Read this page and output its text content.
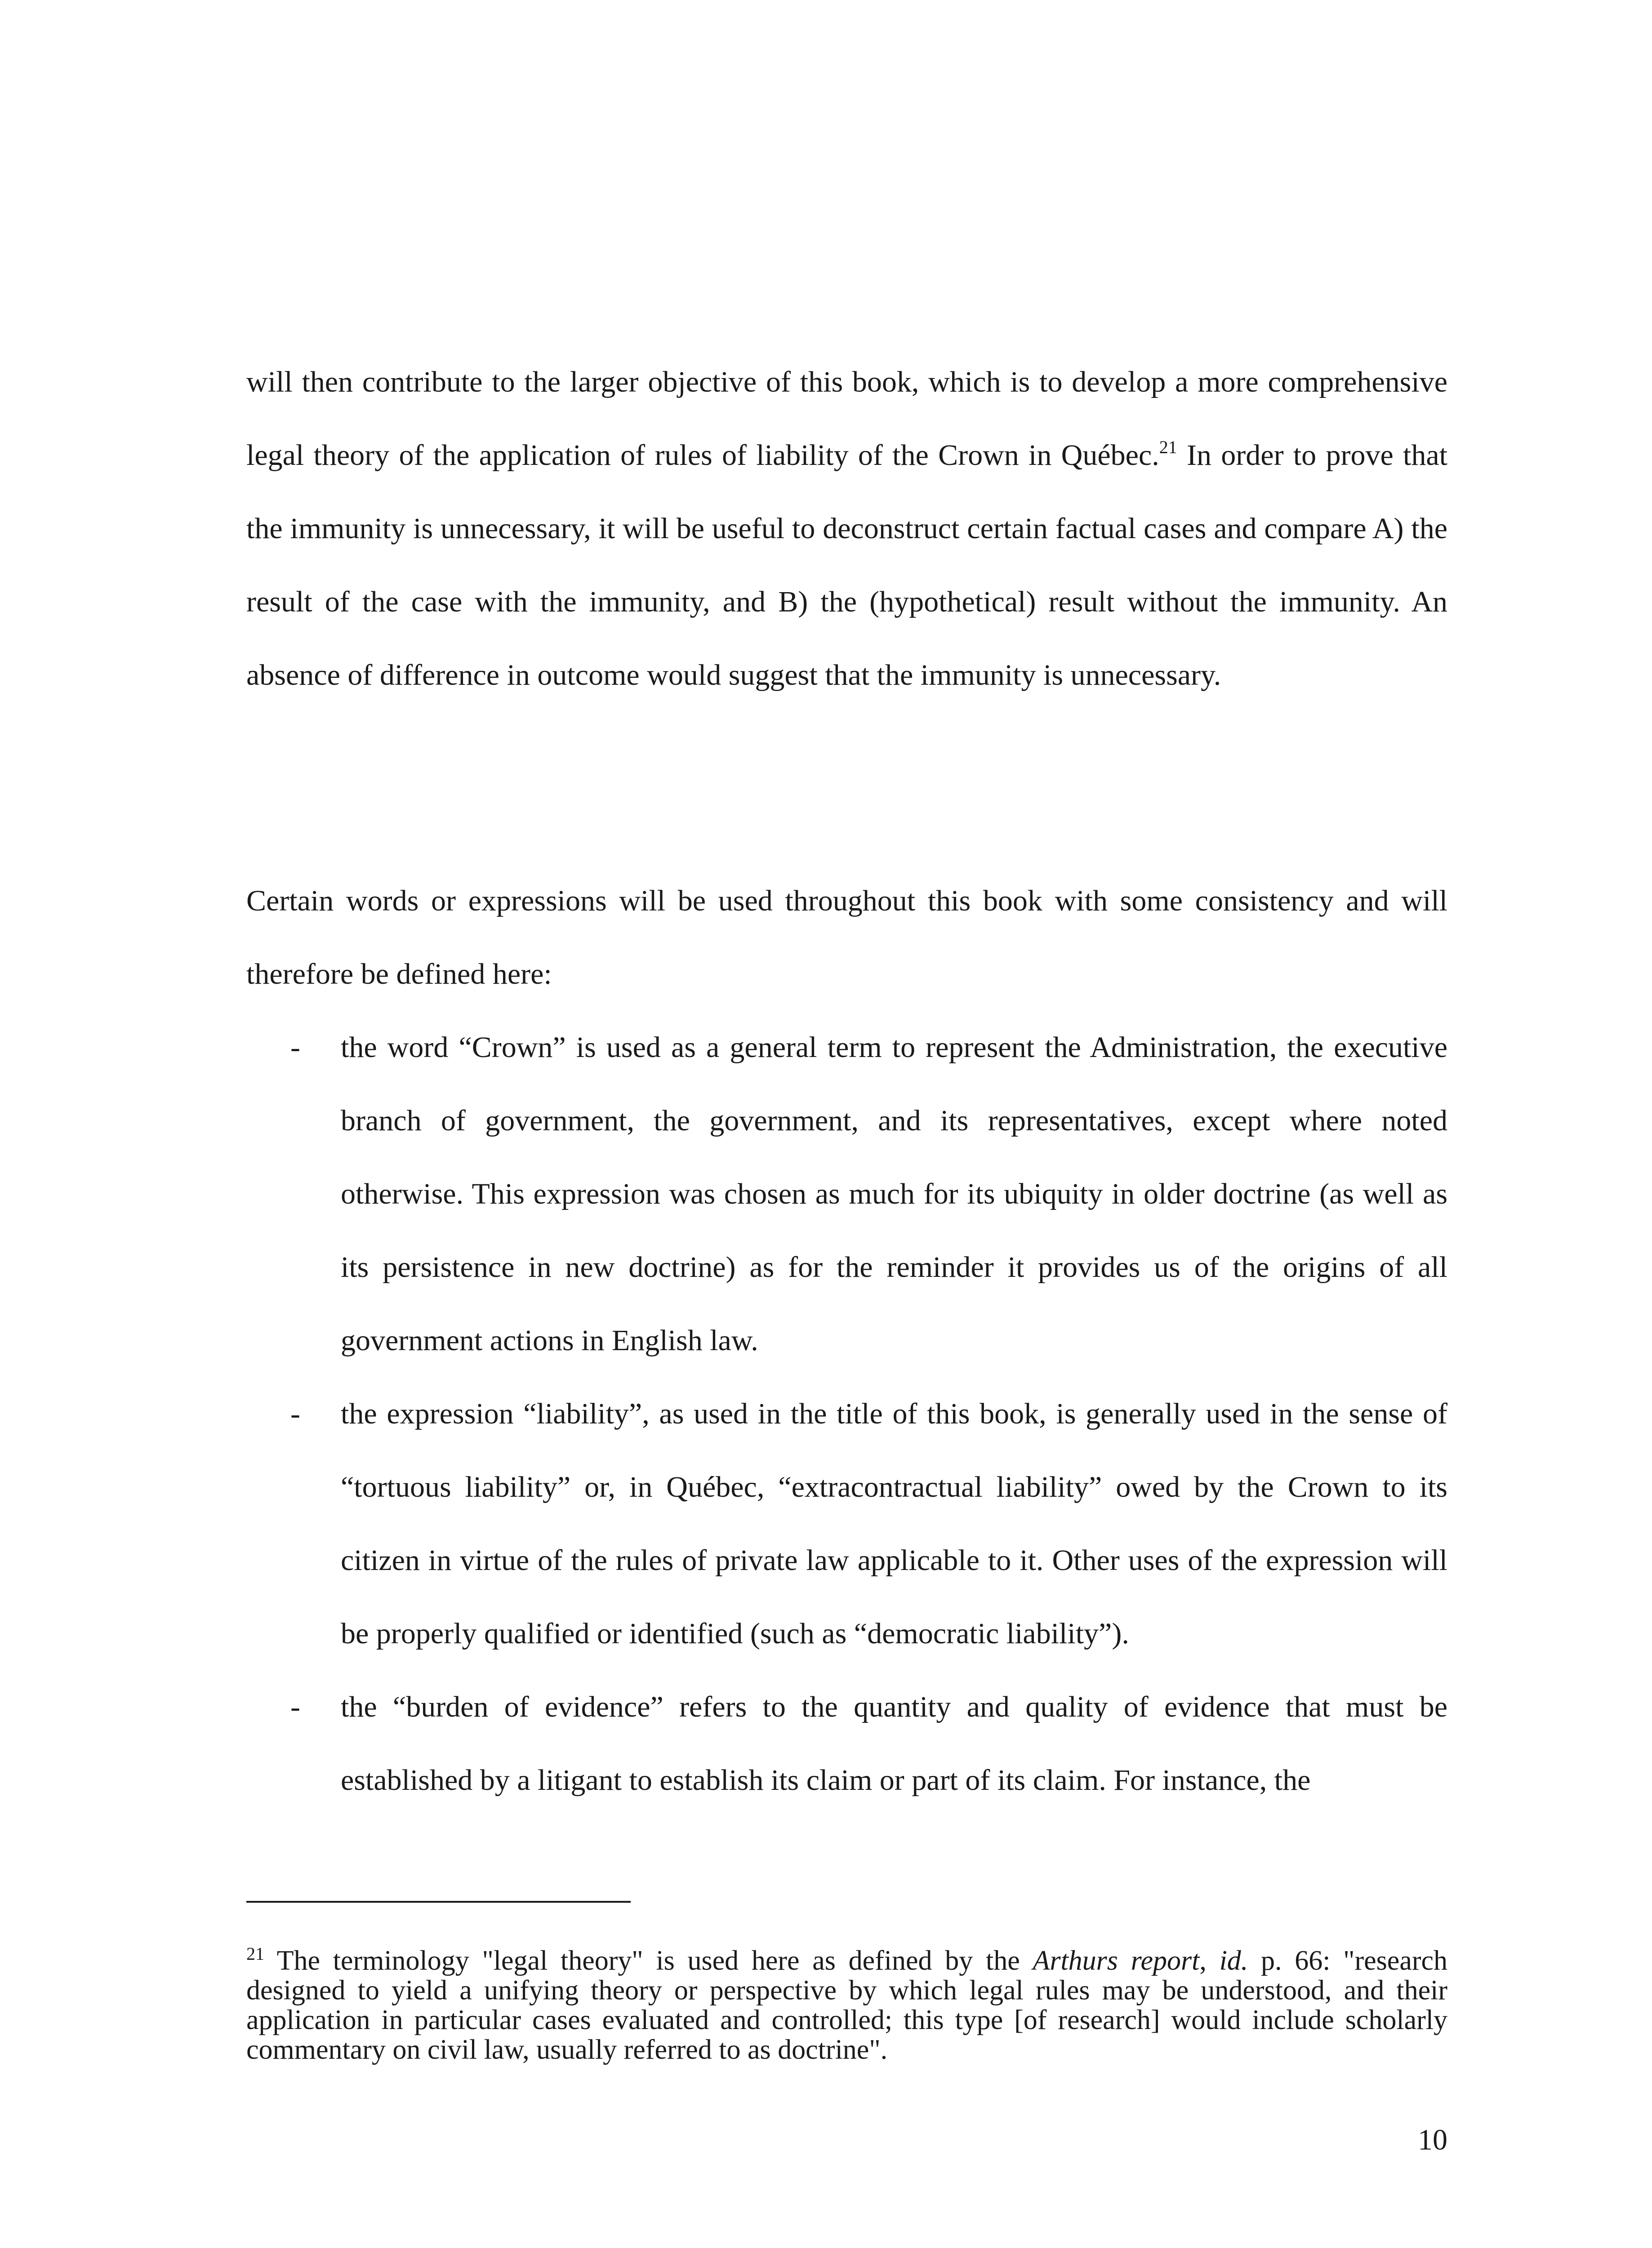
will then contribute to the larger objective of this book, which is to develop a more comprehensive legal theory of the application of rules of liability of the Crown in Québec.$^{21}$ In order to prove that the immunity is unnecessary, it will be useful to deconstruct certain factual cases and compare A) the result of the case with the immunity, and B) the (hypothetical) result without the immunity. An absence of difference in outcome would suggest that the immunity is unnecessary.

Certain words or expressions will be used throughout this book with some consistency and will therefore be defined here:

- the word “Crown” is used as a general term to represent the Administration, the executive branch of government, the government, and its representatives, except where noted otherwise. This expression was chosen as much for its ubiquity in older doctrine (as well as its persistence in new doctrine) as for the reminder it provides us of the origins of all government actions in English law.
- the expression “liability”, as used in the title of this book, is generally used in the sense of “tortuous liability” or, in Québec, “extracontractual liability” owed by the Crown to its citizen in virtue of the rules of private law applicable to it. Other uses of the expression will be properly qualified or identified (such as “democratic liability”).
- the “burden of evidence” refers to the quantity and quality of evidence that must be established by a litigant to establish its claim or part of its claim. For instance, the

$^{21}$ The terminology "legal theory" is used here as defined by the Arthurs report, id. p. 66: "research designed to yield a unifying theory or perspective by which legal rules may be understood, and their application in particular cases evaluated and controlled; this type [of research] would include scholarly commentary on civil law, usually referred to as doctrine".

10
